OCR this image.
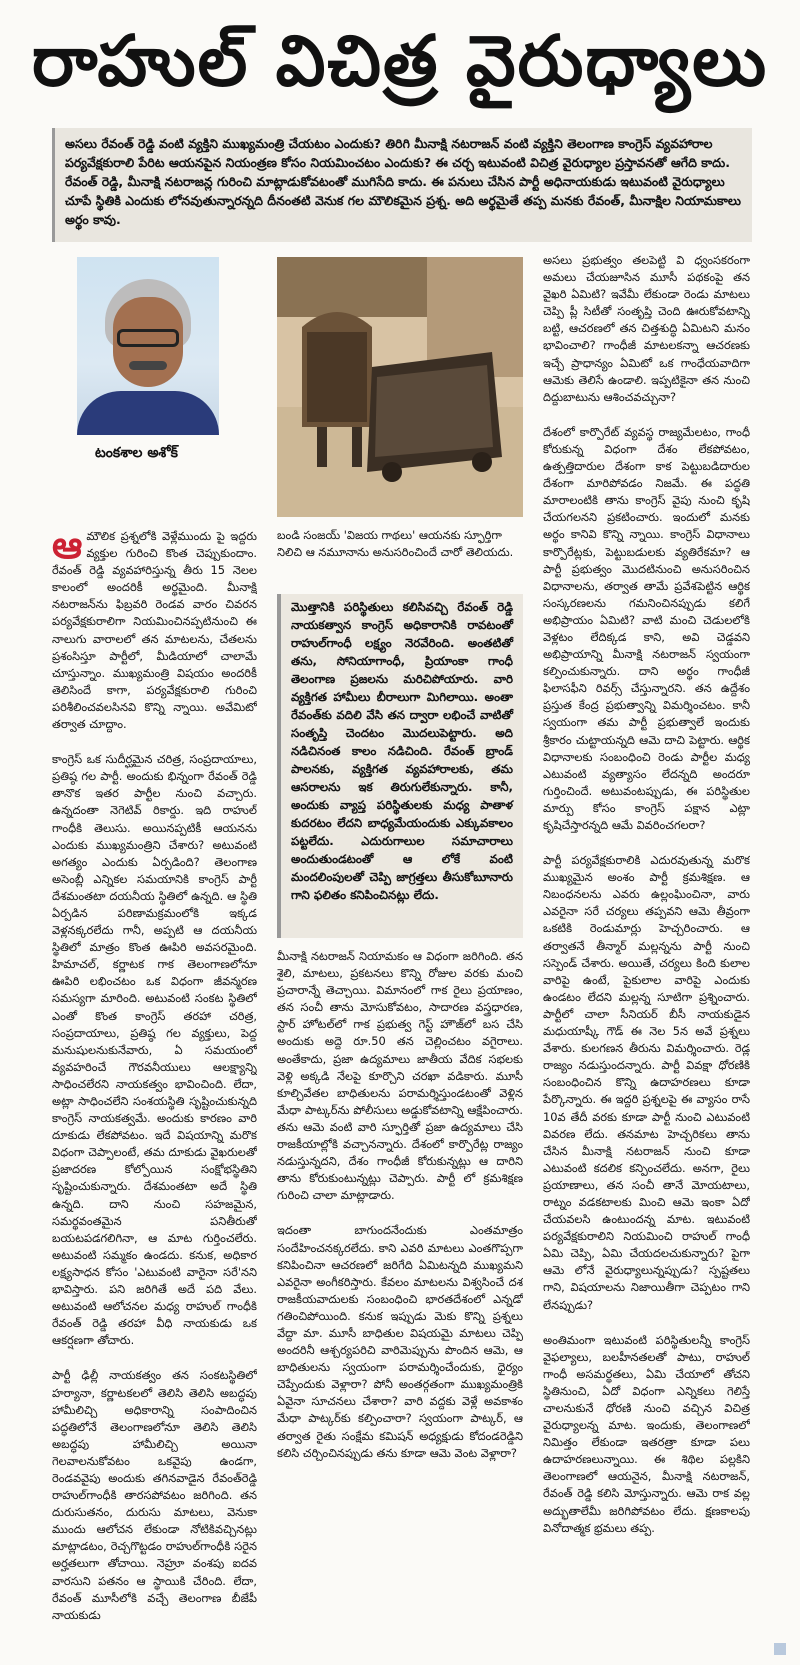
రాహుల్ విచిత్ర వైరుధ్యాలు
అసలు రేవంత్ రెడ్డి వంటి వ్యక్తిని ముఖ్యమంత్రి చేయటం ఎందుకు? తిరిగి మీనాక్షి నటరాజన్ వంటి వ్యక్తిని తెలంగాణ కాంగ్రెస్ వ్యవహారాల పర్యవేక్షకురాలి పేరిట ఆయనపైన నియంత్రణ కోసం నియమించటం ఎందుకు? ఈ చర్చ ఇటువంటి విచిత్ర వైరుధ్యాల ప్రస్తావనతో ఆగేది కాదు. రేవంత్ రెడ్డి, మీనాక్షి నటరాజన్ల గురించి మాట్లాడుకోవటంతో ముగిసేది కాదు. ఈ పనులు చేసిన పార్టీ అధినాయకుడు ఇటువంటి వైరుధ్యాలు చూపే స్థితికి ఎందుకు లోనవుతున్నారన్నది దీనంతటి వెనుక గల మౌలికమైన ప్రశ్న. అది అర్థమైతే తప్ప మనకు రేవంత్, మీనాక్షిల నియామకాలు అర్థం కావు.
టంకశాల అశోక్

ఆమౌలిక ప్రశ్నలోకి వెళ్లేముందు పై ఇద్దరు వ్యక్తుల గురించి కొంత చెప్పుకుందాం. రేవంత్ రెడ్డి వ్యవహారిస్తున్న తీరు 15 నెలల కాలంలో అందరికీ అర్థమైంది. మీనాక్షి నటరాజన్‌ను ఫిబ్రవరి రెండవ వారం చివరన పర్యవేక్షకురాలిగా నియమించినప్పటినుంచి ఈ నాలుగు వారాలలో తన మాటలను, చేతలను ప్రశంసిస్తూ పార్టీలో, మీడియాలో చాలామే చూస్తున్నాం. ముఖ్యమంత్రి విషయం అందరికీ తెలిసిందే కాగా, పర్యవేక్షకురాలి గురించి పరిశీలించవలసినవి కొన్ని న్నాయి. అవేమిటో తర్వాత చూద్దాం.

కాంగ్రెస్ ఒక సుదీర్ఘమైన చరిత్ర, సంప్రదాయాలు, ప్రతిష్ఠ గల పార్టీ. అందుకు భిన్నంగా రేవంత్ రెడ్డి తానొక ఇతర పార్టీల నుంచి వచ్చారు. ఉన్నదంతా నెగెటివ్ రికార్డు. ఇది రాహుల్ గాంధీకి తెలుసు. అయినప్పటికీ ఆయనను ఎందుకు ముఖ్యమంత్రిని చేశారు? అటువంటి అగత్యం ఎందుకు ఏర్పడింది? తెలంగాణ అసెంబ్లీ ఎన్నికల సమయానికి కాంగ్రెస్ పార్టీ దేశమంతటా దయనీయ స్థితిలో ఉన్నది. ఆ స్థితి ఏర్పడిన పరిణామక్రమంలోకి ఇక్కడ వెళ్లనక్కరలేదు గానీ, అప్పటి ఆ దయనీయ స్థితిలో మాత్రం కొంత ఊపిరి అవసరమైంది. హిమాచల్, కర్ణాటక గాక తెలంగాణలోనూ ఊపిరి లభించటం ఒక విధంగా జీవన్మరణ సమస్యగా మారింది. అటువంటి సంకట స్థితిలో ఎంతో కొంత కాంగ్రెస్ తరహా చరిత్ర, సంప్రదాయాలు, ప్రతిష్ఠ గల వ్యక్తులు, పెద్ద మనుషులనుకునేవారు, ఏ సమయంలో వ్యవహరించే గౌరవనీయులు ఆలక్ష్యాన్ని సాధించలేరని నాయకత్వం భావించింది. లేదా, అట్లా సాధించలేని సంశయస్థితి సృష్టించుకున్నది కాంగ్రెస్ నాయకత్వమే. అందుకు కారణం వారి దూకుడు లేకపోవటం. ఇదే విషయాన్ని మరొక విధంగా చెప్పాలంటే, తమ దూకుడు వైఖరులతో ప్రజాదరణ కోల్పోయిన సంక్షోభస్థితిని సృష్టించుకున్నారు. దేశమంతటా అదే స్థితి ఉన్నది. దాని నుంచి సహజమైన, సమర్థవంతమైన పనితీరుతో బయటపడగలిగినా, ఆ మాట గుర్తించలేరు. అటువంటి సమ్మకం ఉండదు. కనుక, అధికార లక్ష్యసాధన కోసం 'ఎటువంటి వారైనా సరే'నని భావిస్తారు. పని జరిగితే అదే పది వేలు. అటువంటి ఆలోచనల మధ్య రాహుల్ గాంధీకి రేవంత్ రెడ్డి తరహా వీధి నాయకుడు ఒక ఆకర్షణగా తోచారు.

పార్టీ ఢిల్లీ నాయకత్వం తన సంకటస్థితిలో హర్యానా, కర్ణాటకలలో తెలిసి తెలిసి అబద్ధపు హామీలిచ్చి అధికారాన్ని సంపాదించిన పద్ధతిలోనే తెలంగాణలోనూ తెలిసి తెలిసి అబద్ధపు హామీలిచ్చి అయినా గెలవాలనుకోవటం ఒకవైపు ఉండగా, రెండవవైపు అందుకు తగినవాడైన రేవంత్‌రెడ్డి రాహుల్‌గాంధీకి తారసపోవటం జరిగింది. తన దురుసుతనం, దురుసు మాటలు, వెనుకా ముందు ఆలోచన లేకుండా నోటికివచ్చినట్లు మాట్లాడటం, రెచ్చగొట్టడం రాహుల్‌గాంధీకి సరైన అర్హతలుగా తోచాయి. నెహ్రూ వంశపు ఐదవ వారసుని పతనం ఆ స్థాయికి చేరింది. లేదా, రేవంత్ మూసీలోకి వచ్చే తెలంగాణ బీజేపీ నాయకుడు

బండి సంజయ్ 'విజయ గాథలు' ఆయనకు స్ఫూర్తిగా నిలిచి ఆ నమూనాను అనుసరించిందే చారో తెలియదు.
మొత్తానికి పరిస్థితులు కలిసివచ్చి రేవంత్ రెడ్డి నాయకత్వాన కాంగ్రెస్ అధికారానికి రావటంతో రాహుల్‌గాంధీ లక్ష్యం నెరవేరింది. అంతటితో తను, సోనియాగాంధీ, ప్రియాంకా గాంధీ తెలంగాణ ప్రజలను మరిచిపోయారు. వారి వ్యక్తిగత హామీలు బీరాలుగా మిగిలాయి. అంతా రేవంత్‌కు వదిలి వేసి తన ద్వారా లభించే వాటితో సంతృప్తి చెందటం మొదలుపెట్టారు. అది నడిచినంత కాలం నడిచింది. రేవంత్ బ్రాండ్ పాలనకు, వ్యక్తిగత వ్యవహారాలకు, తమ ఆసరాలను ఇక తిరుగులేకున్నారు. కానీ, అందుకు వ్యాప్త పరిస్థితులకు మధ్య పాతాళ కుదరటం లేదని బాధ్యమేయందుకు ఎక్కువకాలం పట్టలేదు. ఎదురుగాలుల సమాచారాలు అందుతుండటంతో ఆ లోకే వంటి మందలింపులతో చెప్పి జాగ్రత్తలు తీసుకోబూనారు గాని ఫలితం కనిపించినట్లు లేదు.

మీనాక్షి నటరాజన్ నియామకం ఆ విధంగా జరిగింది. తన శైలి, మాటలు, ప్రకటనలు కొన్ని రోజుల వరకు మంచి ప్రచారాన్నే తెచ్చాయి. విమానంలో గాక రైలు ప్రయాణం, తన సంచీ తాను మోసుకోవటం, సాదారణ వస్త్రధారణ, స్టార్ హోటల్‌లో గాక ప్రభుత్వ గెస్ట్ హౌజ్‌లో బస చేసి అందుకు అద్దె రూ.50 తన చెల్లించటం వగైరాలు. అంతేకాదు, ప్రజా ఉద్యమాలు జాతీయ వేదిక సభలకు వెళ్లి అక్కడి నేలపై కూర్చొని చరఖా వడికారు. మూసీ కూల్చివేతల బాధితులను పరామర్శిస్తుండటంతో వెళ్లిన మేధా పాట్కర్‌ను పోలీసులు అడ్డుకోవటాన్ని ఆక్షేపించారు. తను ఆమె వంటి వారి స్ఫూర్తితో ప్రజా ఉద్యమాలు చేసి రాజకీయాల్లోకి వచ్చానన్నారు. దేశంలో కార్పొరేట్ల రాజ్యం నడుస్తున్నదని, దేశం గాంధీజీ కోరుకున్నట్లు ఆ దారిని తాను కోరుకుంటున్నట్లు చెప్పారు. పార్టీ లో క్రమశిక్షణ గురించి చాలా మాట్లాడారు.

ఇదంతా బాగుందనేందుకు ఎంతమాత్రం సందేహించనక్కరలేదు. కాని ఎవరి మాటలు ఎంతగొప్పగా కనిపించినా ఆచరణలో జరిగేది ఏమిటన్నది ముఖ్యమని ఎవరైనా అంగీకరిస్తారు. కేవలం మాటలను విశ్వసించే దశ రాజకీయవాదులకు సంబంధించి భారతదేశంలో ఎన్నడో గతించిపోయింది. కనుక ఇప్పుడు మెకు కొన్ని ప్రశ్నలు వేద్దా మా. మూసీ బాధితుల విషయమై మాటలు చెప్పి అందరినీ ఆశ్చర్యపరిచి వారిమెప్పును పొందిన ఆమె, ఆ బాధితులను స్వయంగా పరామర్శించేందుకు, ధైర్యం చెప్పేందుకు వెళ్లారా? పోనీ అంతర్గతంగా ముఖ్యమంత్రికి ఏవైనా సూచనలు చేశారా? వారి వద్దకు వెళ్లే అవకాశం మేధా పాట్కర్‌కు కల్పించారా? స్వయంగా పాట్కర్, ఆ తర్వాత రైతు సంక్షేమ కమిషన్ అధ్యక్షుడు కోదండరెడ్డిని కలిసి చర్చించినప్పుడు తను కూడా ఆమె వెంట వెళ్లారా?

అసలు ప్రభుత్వం తలపెట్టి వి ధ్వంసకరంగా అమలు చేయజూసిన మూసీ పథకంపై తన వైఖరి ఏమిటి? ఇవేమీ లేకుండా రెండు మాటలు చెప్పి ప్లీ సిటీతో సంతృప్తి చెంది ఊరుకోవటాన్ని బట్టి, ఆచరణలో తన చిత్తశుద్ధి ఏమిటని మనం భావించాలి? గాంధీజీ మాటలకన్నా ఆచరణకు ఇచ్చే ప్రాధాన్యం ఏమిటో ఒక గాంధేయవాదిగా ఆమెకు తెలిసే ఉండాలి. ఇప్పటికైనా తన నుంచి దిద్దుబాటును ఆశించవచ్చునా?

దేశంలో కార్పొరేట్ వ్యవస్థ రాజ్యమేలటం, గాంధీ కోరుకున్న విధంగా దేశం లేకపోవటం, ఉత్పత్తిదారుల దేశంగా కాక పెట్టుబడిదారుల దేశంగా మారిపోవడం నిజమే. ఈ పద్ధతి మారాలంటికి తాను కాంగ్రెస్ వైపు నుంచి కృషి చేయగలనని ప్రకటించారు. ఇందులో మనకు అర్థం కానివి కొన్ని న్నాయి. కాంగ్రెస్ విధానాలు కార్పొరేట్లకు, పెట్టుబడులకు వ్యతిరేకమా? ఆ పార్టీ ప్రభుత్వం మొదటినుంచి అనుసరించిన విధానాలను, తర్వాత తామే ప్రవేశపెట్టిన ఆర్థిక సంస్కరణలను గమనించినప్పుడు కలిగే అభిప్రాయం ఏమిటి? వాటి మంచి చెడులలోకి వెళ్లటం లేదిక్కడ కాని, అవి చెడ్డవని అభిప్రాయాన్ని మీనాక్షి నటరాజన్ స్వయంగా కల్పించుకున్నారు. దాని అర్థం గాంధీజీ ఫిలాసఫీని రివర్స్ చేస్తున్నారని. తన ఉద్దేశం ప్రస్తుత కేంద్ర ప్రభుత్వాన్ని విమర్శించటం. కానీ స్వయంగా తమ పార్టీ ప్రభుత్వాలే ఇందుకు శ్రీకారం చుట్టాయన్నది ఆమె దాచి పెట్టారు. ఆర్థిక విధానాలకు సంబంధించి రెండు పార్టీల మధ్య ఎటువంటి వ్యత్యాసం లేదన్నది అందరూ గుర్తించిందే. అటువంటప్పుడు, ఈ పరిస్థితుల మార్పు కోసం కాంగ్రెస్ పక్షాన ఎట్లా కృషిచేస్తారన్నది ఆమే వివరించగలరా?

పార్టీ పర్యవేక్షకురాలికి ఎదురవుతున్న మరొక ముఖ్యమైన అంశం పార్టీ క్రమశిక్షణ. ఆ నిబంధనలను ఎవరు ఉల్లంఘించినా, వారు ఎవరైనా సరే చర్యలు తప్పవని ఆమె తీవ్రంగా ఒకటికి రెండుమార్లు హెచ్చరించారు. ఆ తర్వాతనే తీన్మార్ మల్లన్నను పార్టీ నుంచి సస్పెండ్ చేశారు. అయితే, చర్యలు కింది కులాల వారిపై ఉంటే, పైకులాల వారిపై ఎందుకు ఉండటం లేదని మల్లన్న సూటిగా ప్రశ్నించారు. పార్టీలో చాలా సీనియర్ బీసీ నాయకుడైన మధుయాష్కీ గౌడ్ ఈ నెల 5న అవే ప్రశ్నలు వేశారు. కులగణన తీరును విమర్శించారు. రెడ్ల రాజ్యం నడుస్తుందన్నారు. పార్టీ వివక్షా ధోరణికి సంబంధించిన కొన్ని ఉదాహరణలు కూడా పేర్కొన్నారు. ఈ ఇద్దరి ప్రశ్నలపై ఈ వ్యాసం రాసే 10వ తేదీ వరకు కూడా పార్టీ నుంచి ఎటువంటి వివరణ లేదు. తనమాట హెచ్చరికలు తాను చేసిన మీనాక్షి నటరాజన్ నుంచి కూడా ఎటువంటి కదలిక కన్పించలేదు. అనగా, రైలు ప్రయాణాలు, తన సంచీ తానే మోయటాలు, రాట్నం వడకటాలకు మించి ఆమె ఇంకా ఏదో చేయవలసి ఉంటుందన్న మాట. ఇటువంటి పర్యవేక్షకురాలిని నియమించి రాహుల్ గాంధీ ఏమి చెప్పి, ఏమి చేయదలచుకున్నారు? పైగా ఆమె లోనే వైరుధ్యాలున్నప్పుడు? స్పష్టతలు గాని, విషయాలను నిజాయితీగా చెప్పటం గాని లేనప్పుడు?

అంతిమంగా ఇటువంటి పరిస్థితులన్నీ కాంగ్రెస్ వైఫల్యాలు, బలహీనతలతో పాటు, రాహుల్ గాంధీ అసమర్థతలు, ఏమి చేయాలో తోచని స్థితినుంచి, ఏదో విధంగా ఎన్నికలు గెలిస్తే చాలనుకునే ధోరణి నుంచి వచ్చిన విచిత్ర వైరుధ్యాలన్న మాట. ఇందుకు, తెలంగాణలో నిమిత్తం లేకుండా ఇతరత్రా కూడా పలు ఉదాహరణలున్నాయి. ఈ శిథిల పల్లకిని తెలంగాణలో ఆయనైన, మీనాక్షి నటరాజన్, రేవంత్ రెడ్డి కలిసి మోస్తున్నారు. ఆమె రాక వల్ల అద్భుతాలేమీ జరిగిపోవటం లేదు. క్షణకాలపు వినోదాత్మక భ్రమలు తప్ప.
